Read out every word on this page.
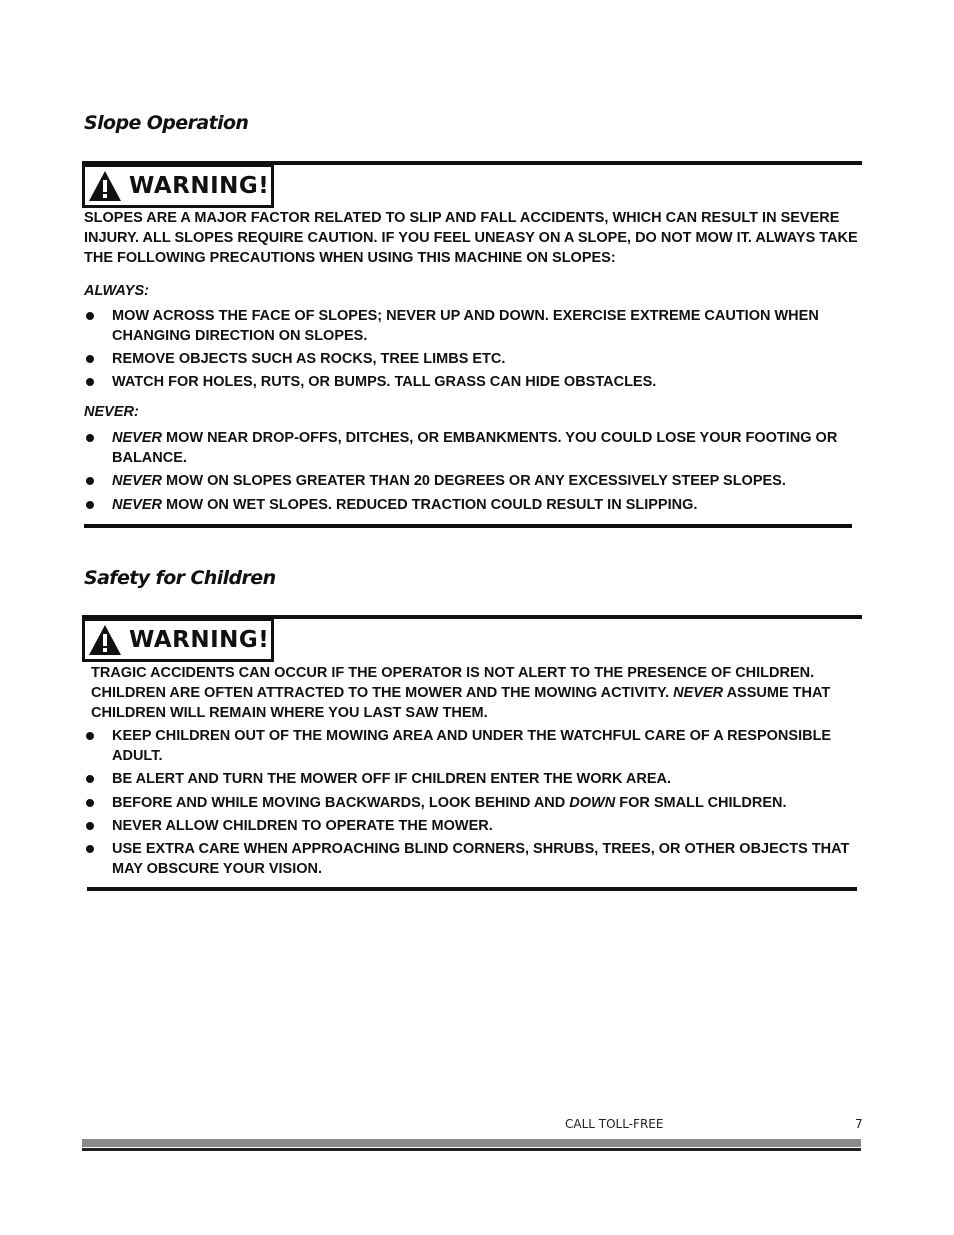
Slope Operation
WARNING!

SLOPES ARE A MAJOR FACTOR RELATED TO SLIP AND FALL ACCIDENTS, WHICH CAN RESULT IN SEVERE INJURY. ALL SLOPES REQUIRE CAUTION. IF YOU FEEL UNEASY ON A SLOPE, DO NOT MOW IT. ALWAYS TAKE THE FOLLOWING PRECAUTIONS WHEN USING THIS MACHINE ON SLOPES:

ALWAYS:

MOW ACROSS THE FACE OF SLOPES; NEVER UP AND DOWN. EXERCISE EXTREME CAUTION WHEN CHANGING DIRECTION ON SLOPES.

REMOVE OBJECTS SUCH AS ROCKS, TREE LIMBS ETC.

WATCH FOR HOLES, RUTS, OR BUMPS. TALL GRASS CAN HIDE OBSTACLES.

NEVER:

NEVER MOW NEAR DROP-OFFS, DITCHES, OR EMBANKMENTS. YOU COULD LOSE YOUR FOOTING OR BALANCE.

NEVER MOW ON SLOPES GREATER THAN 20 DEGREES OR ANY EXCESSIVELY STEEP SLOPES.

NEVER MOW ON WET SLOPES. REDUCED TRACTION COULD RESULT IN SLIPPING.

Safety for Children
WARNING!

TRAGIC ACCIDENTS CAN OCCUR IF THE OPERATOR IS NOT ALERT TO THE PRESENCE OF CHILDREN. CHILDREN ARE OFTEN ATTRACTED TO THE MOWER AND THE MOWING ACTIVITY. NEVER ASSUME THAT CHILDREN WILL REMAIN WHERE YOU LAST SAW THEM.

KEEP CHILDREN OUT OF THE MOWING AREA AND UNDER THE WATCHFUL CARE OF A RESPONSIBLE ADULT.

BE ALERT AND TURN THE MOWER OFF IF CHILDREN ENTER THE WORK AREA.

BEFORE AND WHILE MOVING BACKWARDS, LOOK BEHIND AND DOWN FOR SMALL CHILDREN.

NEVER ALLOW CHILDREN TO OPERATE THE MOWER.

USE EXTRA CARE WHEN APPROACHING BLIND CORNERS, SHRUBS, TREES, OR OTHER OBJECTS THAT MAY OBSCURE YOUR VISION.

CALL TOLL-FREE	7
